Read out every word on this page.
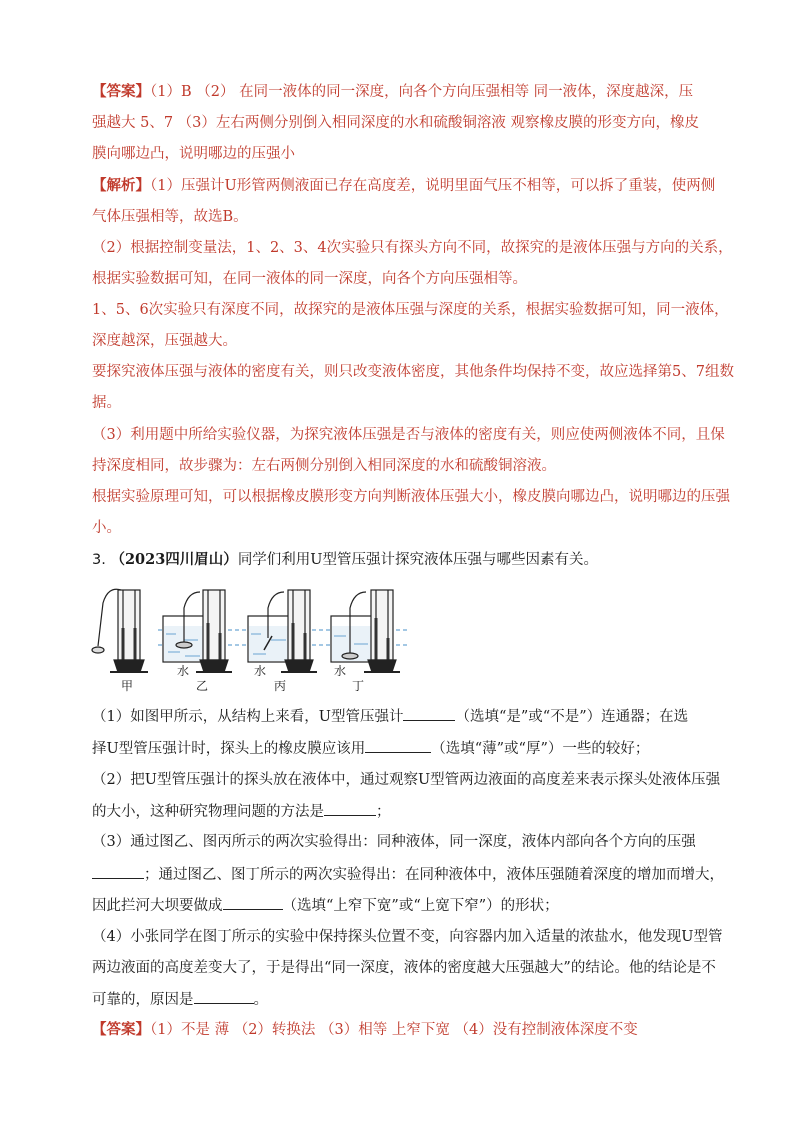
【答案】（1）B （2） 在同一液体的同一深度，向各个方向压强相等 同一液体，深度越深，压
强越大 5、7 （3）左右两侧分别倒入相同深度的水和硫酸铜溶液 观察橡皮膜的形变方向，橡皮
膜向哪边凸，说明哪边的压强小
【解析】（1）压强计U形管两侧液面已存在高度差，说明里面气压不相等，可以拆了重装，使两侧
气体压强相等，故选B。
（2）根据控制变量法，1、2、3、4次实验只有探头方向不同，故探究的是液体压强与方向的关系，
根据实验数据可知，在同一液体的同一深度，向各个方向压强相等。
1、5、6次实验只有深度不同，故探究的是液体压强与深度的关系，根据实验数据可知，同一液体，
深度越深，压强越大。
要探究液体压强与液体的密度有关，则只改变液体密度，其他条件均保持不变，故应选择第5、7组数
据。
（3）利用题中所给实验仪器，为探究液体压强是否与液体的密度有关，则应使两侧液体不同，且保
持深度相同，故步骤为：左右两侧分别倒入相同深度的水和硫酸铜溶液。
根据实验原理可知，可以根据橡皮膜形变方向判断液体压强大小，橡皮膜向哪边凸，说明哪边的压强
小。
3. （2023四川眉山）同学们利用U型管压强计探究液体压强与哪些因素有关。
甲
水
乙
水
丙
水
丁
（1）如图甲所示，从结构上来看，U型管压强计	（选填“是”或“不是”）连通器；在选
择U型管压强计时，探头上的橡皮膜应该用	（选填“薄”或“厚”）一些的较好；
（2）把U型管压强计的探头放在液体中，通过观察U型管两边液面的高度差来表示探头处液体压强
的大小，这种研究物理问题的方法是	；
（3）通过图乙、图丙所示的两次实验得出：同种液体，同一深度，液体内部向各个方向的压强
；通过图乙、图丁所示的两次实验得出：在同种液体中，液体压强随着深度的增加而增大，
因此拦河大坝要做成	（选填“上窄下宽”或“上宽下窄”）的形状；
（4）小张同学在图丁所示的实验中保持探头位置不变，向容器内加入适量的浓盐水，他发现U型管
两边液面的高度差变大了，于是得出“同一深度，液体的密度越大压强越大”的结论。他的结论是不
可靠的，原因是	。
【答案】（1）不是 薄 （2）转换法 （3）相等 上窄下宽 （4）没有控制液体深度不变
